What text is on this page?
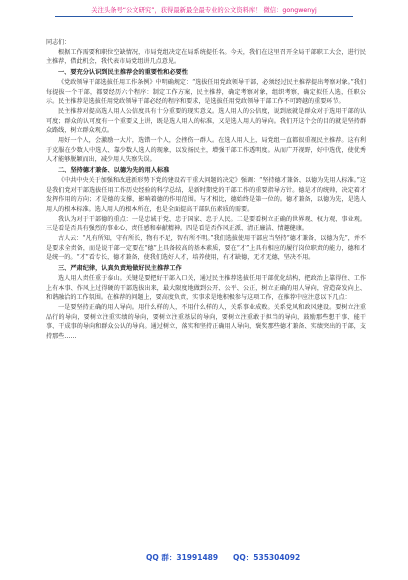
关注头条号“公文研究”，获得最新最全最专业的公文资料库！ 微信：gongwenyj

同志们：

根据工作需要和职位空缺情况，市局党组决定在局系统提任名。今天，我们在这里召开全局干部职工大会，进行民主推荐，借此机会，我代表市局党组讲几点意见。

一、要充分认识到民主推荐会的重要性和必要性

《党政领导干部选拔任用工作条例》中明确规定：“选拔任用党政领导干部，必须经过民主推荐提出考察对象。”我们每提拔一个干部，都要经历六个程序：制定工作方案，民主推荐，确定考察对象，组织考察，确定拟任人选，任职公示。民主推荐是选拔任用党政领导干部必经的程序和要求，是选拔任用党政领导干部工作不可跨越的重要环节。

民主推荐对提高选人用人公信度具有十分重要的现实意义。选人用人的公信度，说到底就是群众对于选用干部的认可度；群众的认可度有一个重要义上讲，既是选人用人的标准，又是选人用人的导向。我们开这个会的目的就是坚持群众路线，树立群众观点。

用好一个人，会激励一大片，选错一个人，会挫伤一群人。在选人用人上，局党组一直都很重视民主推荐。这有利于克服在少数人中选人、靠少数人选人的现象，以发扬民主，增强干部工作透明度。从而广开视野，好中选优，使优秀人才能够脱颖而出，减少用人失察失误。

二、坚持德才兼备、以德为先的用人标准

《中共中央关于加强和改进新形势下党的建设若干重大问题的决定》强调：“坚持德才兼备、以德为先用人标准。”这是我们党对干部选拔任用工作历史经验的科学总结，是新时期党的干部工作的重要指导方针。德是才的统帅，决定着才发挥作用的方向；才是德的支撑，影响着德的作用范围。与才相比，德始终是第一位的。德才兼备，以德为先，是选人用人的根本标准。选人用人的根本所在，也是全面提高干部队伍素质的需要。

我认为对于干部德的重点：一是忠诚于党、忠于国家、忠于人民。二是要看树立正确的世界观、权力观、事业观。三是看是否具有强烈的事业心、责任感和奉献精神。四是看是否作风正派、清正廉洁、情趣健康。

古人云：“凡有所知，守有所长，物有不足，智有所不明。”我们选拔使用干部应当坚持“德才兼备，以德为先”，并不是要求全责备，而是说干部一定要在“德”上具备较高的基本素质，要在“才”上具有相应的履行岗位职责的能力，德和才是统一的。“才”看专长，德才兼备，使我们选好人才，培养使用，有才缺德，无才无德，坚决不用。

三、严肃纪律，认真负责地做好民主推荐工作

选人用人责任重于泰山。关键是要把好干部入口关，通过民主推荐选拔任用干部优化结构，把政治上靠得住、工作上有本事、作风上过得硬的干部选拔出来，最大限度地做到公开、公平、公正，树立正确的用人导向，营造奋发向上、和谐融洽的工作氛围。在推荐的问题上，要高度负责，实事求是地积极参与这项工作，在推荐中应注意以下几点：

一是要坚持正确的用人导向。用什么样的人，不用什么样的人，关系事业成败。关系党风和政风建设。要树立注重品行的导向，要树立注重实绩的导向，要树立注重基层的导向，要树立注重敢于担当的导向，鼓励那些想干事、能干事、干成事的导向和群众公认的导向。通过树立，落实和坚持正确用人导向，褒奖那些德才兼备、实绩突出的干部，支持那些……

QQ 群：31991489 QQ：535304092
